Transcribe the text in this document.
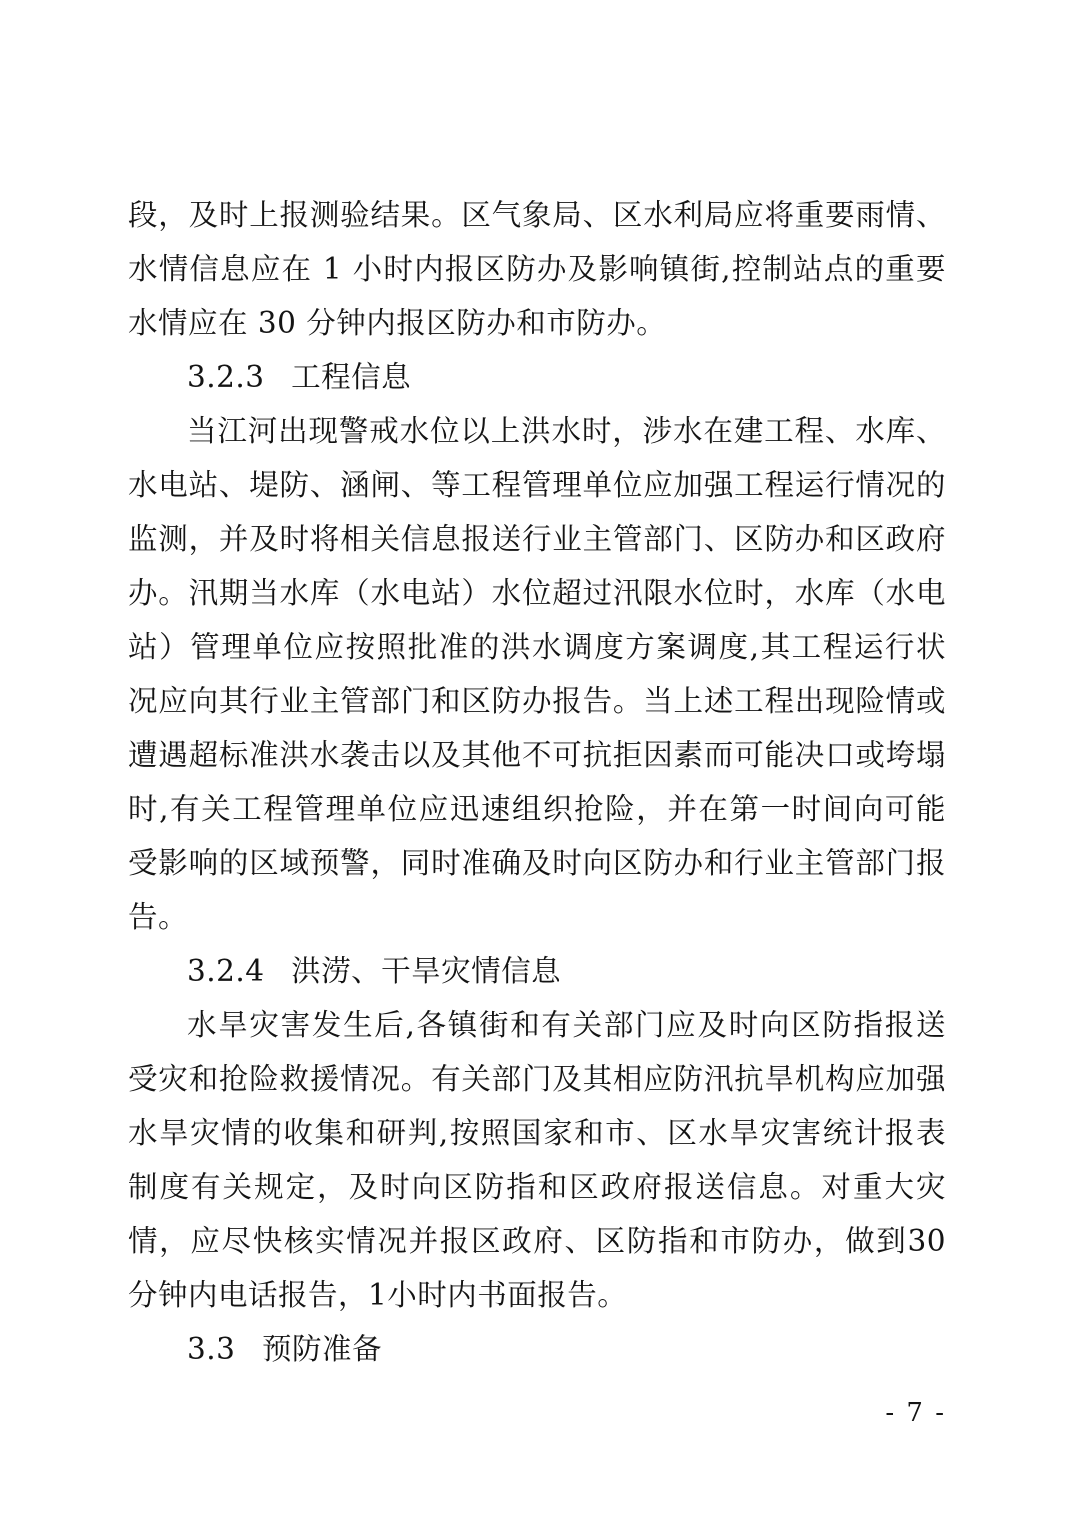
段，及时上报测验结果。区气象局、区水利局应将重要雨情、水情信息应在 1 小时内报区防办及影响镇街,控制站点的重要水情应在 30 分钟内报区防办和市防办。

3.2.3 工程信息

当江河出现警戒水位以上洪水时，涉水在建工程、水库、水电站、堤防、涵闸、等工程管理单位应加强工程运行情况的监测，并及时将相关信息报送行业主管部门、区防办和区政府办。汛期当水库（水电站）水位超过汛限水位时，水库（水电站）管理单位应按照批准的洪水调度方案调度,其工程运行状况应向其行业主管部门和区防办报告。当上述工程出现险情或遭遇超标准洪水袭击以及其他不可抗拒因素而可能决口或垮塌时,有关工程管理单位应迅速组织抢险，并在第一时间向可能受影响的区域预警，同时准确及时向区防办和行业主管部门报告。

3.2.4 洪涝、干旱灾情信息

水旱灾害发生后,各镇街和有关部门应及时向区防指报送受灾和抢险救援情况。有关部门及其相应防汛抗旱机构应加强水旱灾情的收集和研判,按照国家和市、区水旱灾害统计报表制度有关规定，及时向区防指和区政府报送信息。对重大灾情，应尽快核实情况并报区政府、区防指和市防办，做到30分钟内电话报告，1小时内书面报告。

3.3 预防准备

- 7 -
